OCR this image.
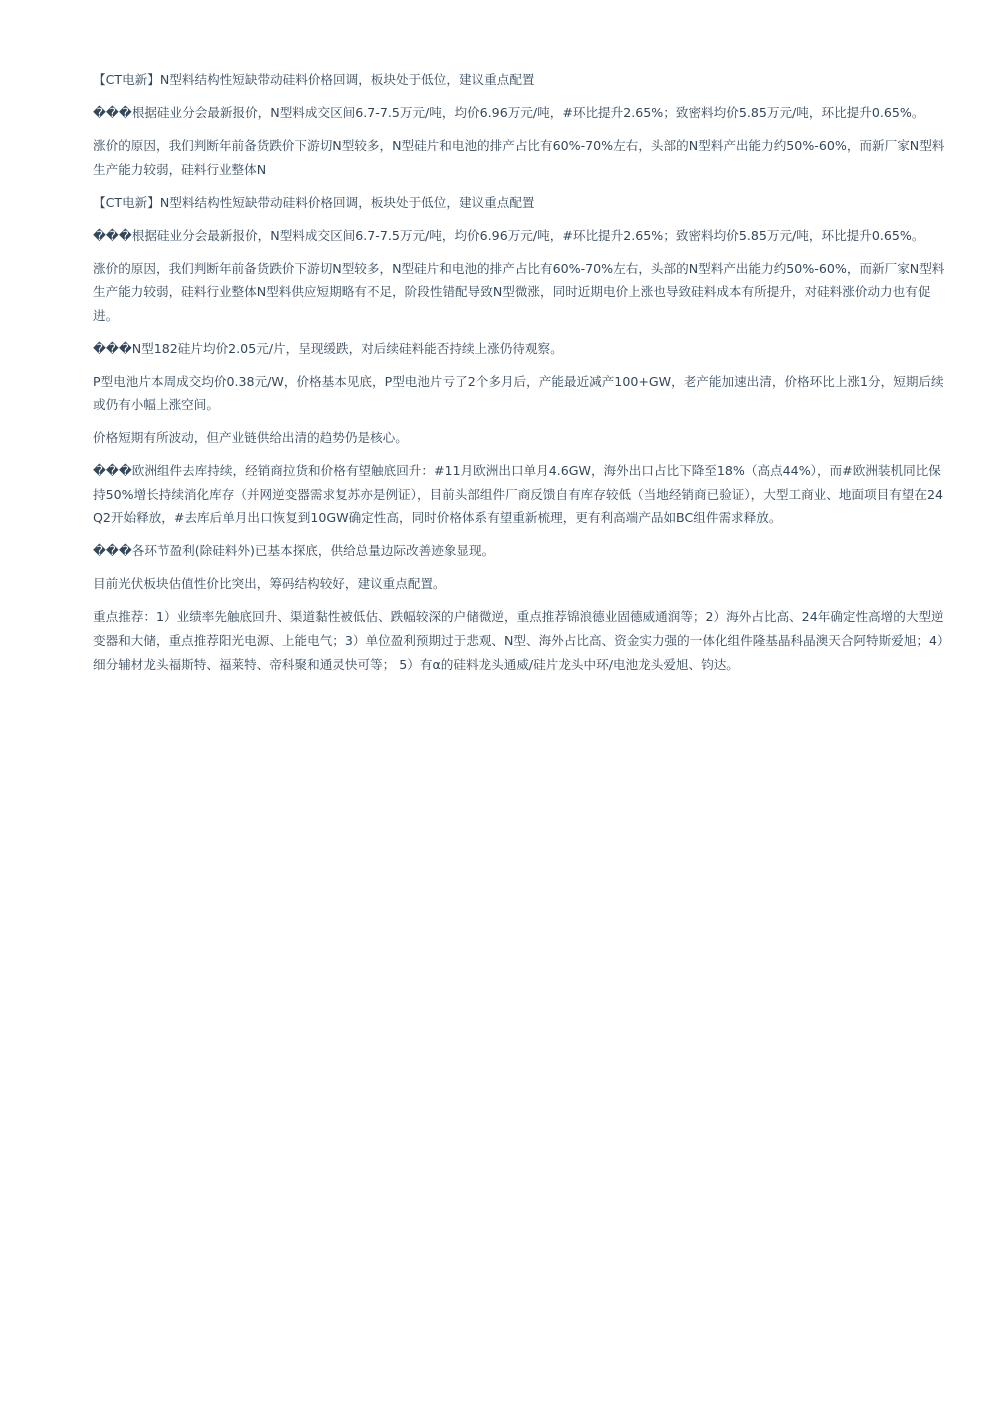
【CT电新】N型料结构性短缺带动硅料价格回调，板块处于低位，建议重点配置

���根据硅业分会最新报价，N型料成交区间6.7-7.5万元/吨，均价6.96万元/吨，#环比提升2.65%；致密料均价5.85万元/吨，环比提升0.65%。

涨价的原因，我们判断年前备货跌价下游切N型较多，N型硅片和电池的排产占比有60%-70%左右，头部的N型料产出能力约50%-60%，而新厂家N型料生产能力较弱，硅料行业整体N

【CT电新】N型料结构性短缺带动硅料价格回调，板块处于低位，建议重点配置

���根据硅业分会最新报价，N型料成交区间6.7-7.5万元/吨，均价6.96万元/吨，#环比提升2.65%；致密料均价5.85万元/吨，环比提升0.65%。

涨价的原因，我们判断年前备货跌价下游切N型较多，N型硅片和电池的排产占比有60%-70%左右，头部的N型料产出能力约50%-60%，而新厂家N型料生产能力较弱，硅料行业整体N型料供应短期略有不足，阶段性错配导致N型微涨，同时近期电价上涨也导致硅料成本有所提升，对硅料涨价动力也有促进。

���N型182硅片均价2.05元/片，呈现缓跌，对后续硅料能否持续上涨仍待观察。

P型电池片本周成交均价0.38元/W，价格基本见底，P型电池片亏了2个多月后，产能最近减产100+GW，老产能加速出清，价格环比上涨1分，短期后续或仍有小幅上涨空间。

价格短期有所波动，但产业链供给出清的趋势仍是核心。

���欧洲组件去库持续，经销商拉货和价格有望触底回升：#11月欧洲出口单月4.6GW，海外出口占比下降至18%（高点44%），而#欧洲装机同比保持50%增长持续消化库存（并网逆变器需求复苏亦是例证），目前头部组件厂商反馈自有库存较低（当地经销商已验证），大型工商业、地面项目有望在24Q2开始释放，#去库后单月出口恢复到10GW确定性高，同时价格体系有望重新梳理，更有利高端产品如BC组件需求释放。

���各环节盈利(除硅料外)已基本探底，供给总量边际改善迹象显现。

目前光伏板块估值性价比突出，筹码结构较好，建议重点配置。

重点推荐：1）业绩率先触底回升、渠道黏性被低估、跌幅较深的户储微逆，重点推荐锦浪德业固德威通润等；2）海外占比高、24年确定性高增的大型逆变器和大储，重点推荐阳光电源、上能电气；3）单位盈利预期过于悲观、N型、海外占比高、资金实力强的一体化组件隆基晶科晶澳天合阿特斯爱旭；4）细分辅材龙头福斯特、福莱特、帝科聚和通灵快可等； 5）有α的硅料龙头通威/硅片龙头中环/电池龙头爱旭、钧达。
